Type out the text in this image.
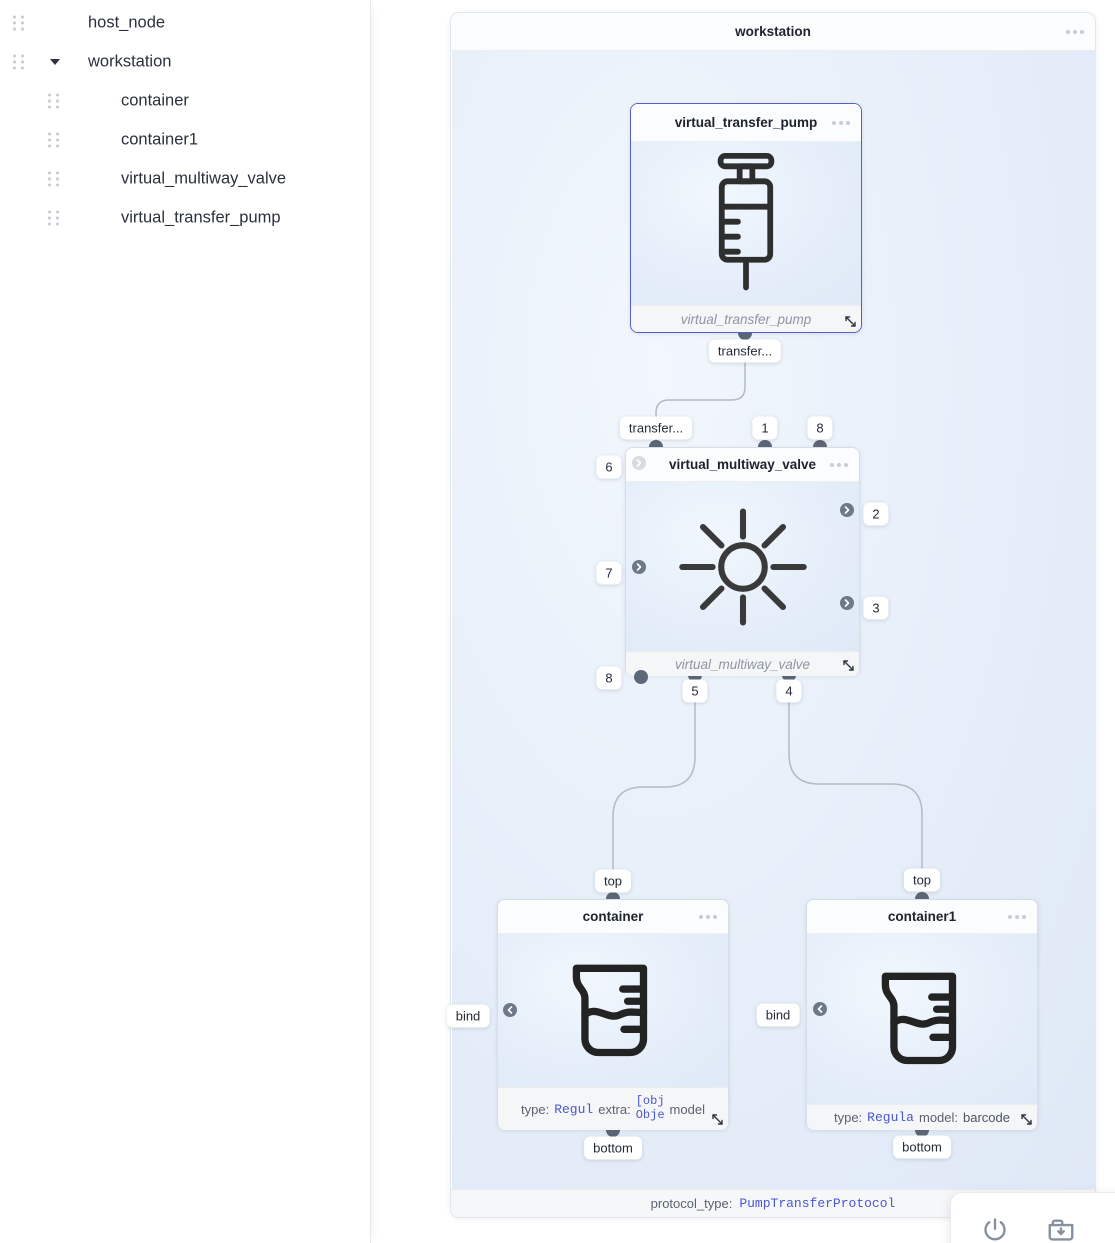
host_node
workstation
container
container1
virtual_multiway_valve
virtual_transfer_pump
workstation
protocol_type: PumpTransferProtocol
virtual_transfer_pump
virtual_transfer_pump
virtual_multiway_valve
virtual_multiway_valve
container
type: Regul extra:
[obj
Obje model
container1
type: Regula model: barcode
transfer...
transfer...	1	8
6
7
8
2
3
5	4
top
bind
bottom
top
bind
bottom
